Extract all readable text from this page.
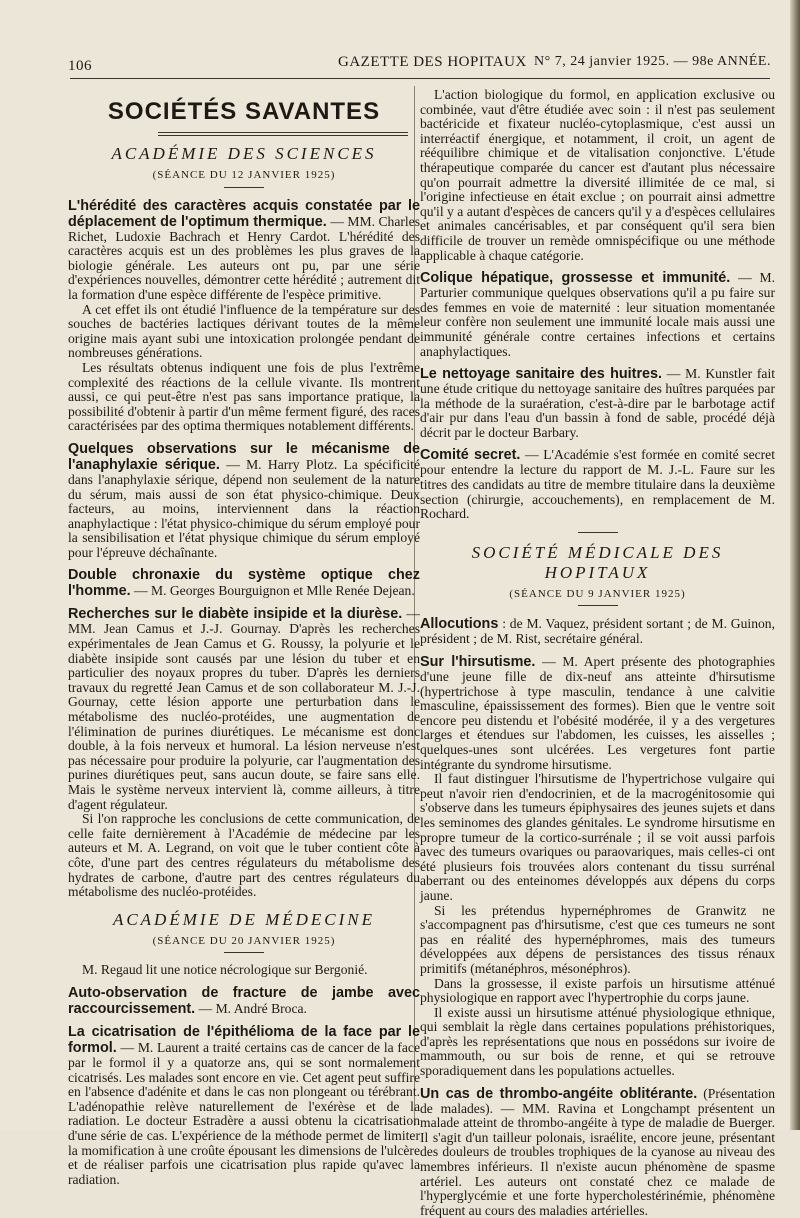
106	GAZETTE DES HOPITAUX N° 7, 24 janvier 1925. — 98e ANNÉE.
SOCIÉTÉS SAVANTES
ACADÉMIE DES SCIENCES
(SÉANCE DU 12 JANVIER 1925)

L'hérédité des caractères acquis constatée par le déplacement de l'optimum thermique. — MM. Charles Richet, Ludoxie Bachrach et Henry Cardot. L'hérédité des caractères acquis est un des problèmes les plus graves de la biologie générale. Les auteurs ont pu, par une série d'expériences nouvelles, démontrer cette hérédité ; autrement dit la formation d'une espèce différente de l'espèce primitive.

A cet effet ils ont étudié l'influence de la température sur des souches de bactéries lactiques dérivant toutes de la même origine mais ayant subi une intoxication prolongée pendant de nombreuses générations.

Les résultats obtenus indiquent une fois de plus l'extrême complexité des réactions de la cellule vivante. Ils montrent aussi, ce qui peut-être n'est pas sans importance pratique, la possibilité d'obtenir à partir d'un même ferment figuré, des races caractérisées par des optima thermiques notablement différents.

Quelques observations sur le mécanisme de l'anaphylaxie sérique. — M. Harry Plotz. La spécificité dans l'anaphylaxie sérique, dépend non seulement de la nature du sérum, mais aussi de son état physico-chimique. Deux facteurs, au moins, interviennent dans la réaction anaphylactique : l'état physico-chimique du sérum employé pour la sensibilisation et l'état physique chimique du sérum employé pour l'épreuve déchaînante.

Double chronaxie du système optique chez l'homme. — M. Georges Bourguignon et Mlle Renée Dejean.

Recherches sur le diabète insipide et la diurèse. — MM. Jean Camus et J.-J. Gournay. D'après les recherches expérimentales de Jean Camus et G. Roussy, la polyurie et le diabète insipide sont causés par une lésion du tuber et en particulier des noyaux propres du tuber. D'après les derniers travaux du regretté Jean Camus et de son collaborateur M. J.-J. Gournay, cette lésion apporte une perturbation dans le métabolisme des nucléo-protéides, une augmentation de l'élimination de purines diurétiques. Le mécanisme est donc double, à la fois nerveux et humoral. La lésion nerveuse n'est pas nécessaire pour produire la polyurie, car l'augmentation des purines diurétiques peut, sans aucun doute, se faire sans elle. Mais le système nerveux intervient là, comme ailleurs, à titre d'agent régulateur.

Si l'on rapproche les conclusions de cette communication, de celle faite dernièrement à l'Académie de médecine par les auteurs et M. A. Legrand, on voit que le tuber contient côte à côte, d'une part des centres régulateurs du métabolisme des hydrates de carbone, d'autre part des centres régulateurs du métabolisme des nucléo-protéides.

ACADÉMIE DE MÉDECINE
(SÉANCE DU 20 JANVIER 1925)

M. Regaud lit une notice nécrologique sur Bergonié.

Auto-observation de fracture de jambe avec raccourcissement. — M. André Broca.

La cicatrisation de l'épithélioma de la face par le formol. — M. Laurent a traité certains cas de cancer de la face par le formol il y a quatorze ans, qui se sont normalement cicatrisés. Les malades sont encore en vie. Cet agent peut suffire en l'absence d'adénite et dans le cas non plongeant ou térébrant. L'adénopathie relève naturellement de l'exérèse et de la radiation. Le docteur Estradère a aussi obtenu la cicatrisation d'une série de cas. L'expérience de la méthode permet de limiter la momification à une croûte épousant les dimensions de l'ulcère et de réaliser parfois une cicatrisation plus rapide qu'avec la radiation.

L'action biologique du formol, en application exclusive ou combinée, vaut d'être étudiée avec soin : il n'est pas seulement bactéricide et fixateur nucléo-cytoplasmique, c'est aussi un interréactif énergique, et notamment, il croit, un agent de rééquilibre chimique et de vitalisation conjonctive. L'étude thérapeutique comparée du cancer est d'autant plus nécessaire qu'on pourrait admettre la diversité illimitée de ce mal, si l'origine infectieuse en était exclue ; on pourrait ainsi admettre qu'il y a autant d'espèces de cancers qu'il y a d'espèces cellulaires et animales cancérisables, et par conséquent qu'il sera bien difficile de trouver un remède omnispécifique ou une méthode applicable à chaque catégorie.

Colique hépatique, grossesse et immunité. — M. Parturier communique quelques observations qu'il a pu faire sur des femmes en voie de maternité : leur situation momentanée leur confère non seulement une immunité locale mais aussi une immunité générale contre certaines infections et certains anaphylactiques.

Le nettoyage sanitaire des huitres. — M. Kunstler fait une étude critique du nettoyage sanitaire des huîtres parquées par la méthode de la suraération, c'est-à-dire par le barbotage actif d'air pur dans l'eau d'un bassin à fond de sable, procédé déjà décrit par le docteur Barbary.

Comité secret. — L'Académie s'est formée en comité secret pour entendre la lecture du rapport de M. J.-L. Faure sur les titres des candidats au titre de membre titulaire dans la deuxième section (chirurgie, accouchements), en remplacement de M. Rochard.

SOCIÉTÉ MÉDICALE DES HOPITAUX
(SÉANCE DU 9 JANVIER 1925)

Allocutions : de M. Vaquez, président sortant ; de M. Guinon, président ; de M. Rist, secrétaire général.

Sur l'hirsutisme. — M. Apert présente des photographies d'une jeune fille de dix-neuf ans atteinte d'hirsutisme (hypertrichose à type masculin, tendance à une calvitie masculine, épaississement des formes). Bien que le ventre soit encore peu distendu et l'obésité modérée, il y a des vergetures larges et étendues sur l'abdomen, les cuisses, les aisselles ; quelques-unes sont ulcérées. Les vergetures font partie intégrante du syndrome hirsutisme.

Il faut distinguer l'hirsutisme de l'hypertrichose vulgaire qui peut n'avoir rien d'endocrinien, et de la macrogénitosomie qui s'observe dans les tumeurs épiphysaires des jeunes sujets et dans les seminomes des glandes génitales. Le syndrome hirsutisme en propre tumeur de la cortico-surrénale ; il se voit aussi parfois avec des tumeurs ovariques ou paraovariques, mais celles-ci ont été plusieurs fois trouvées alors contenant du tissu surrénal aberrant ou des enteinomes développés aux dépens du corps jaune.

Si les prétendus hypernéphromes de Granwitz ne s'accompagnent pas d'hirsutisme, c'est que ces tumeurs ne sont pas en réalité des hypernéphromes, mais des tumeurs développées aux dépens de persistances des tissus rénaux primitifs (métanéphros, mésonéphros).

Dans la grossesse, il existe parfois un hirsutisme atténué physiologique en rapport avec l'hypertrophie du corps jaune.

Il existe aussi un hirsutisme atténué physiologique ethnique, qui semblait la règle dans certaines populations préhistoriques, d'après les représentations que nous en possédons sur ivoire de mammouth, ou sur bois de renne, et qui se retrouve sporadiquement dans les populations actuelles.

Un cas de thrombo-angéite oblitérante. (Présentation de malades). — MM. Ravina et Longchampt présentent un malade atteint de thrombo-angéite à type de maladie de Buerger. Il s'agit d'un tailleur polonais, israélite, encore jeune, présentant des douleurs de troubles trophiques de la cyanose au niveau des membres inférieurs. Il n'existe aucun phénomène de spasme artériel. Les auteurs ont constaté chez ce malade de l'hyperglycémie et une forte hypercholestérinémie, phénomène fréquent au cours des maladies artérielles.
